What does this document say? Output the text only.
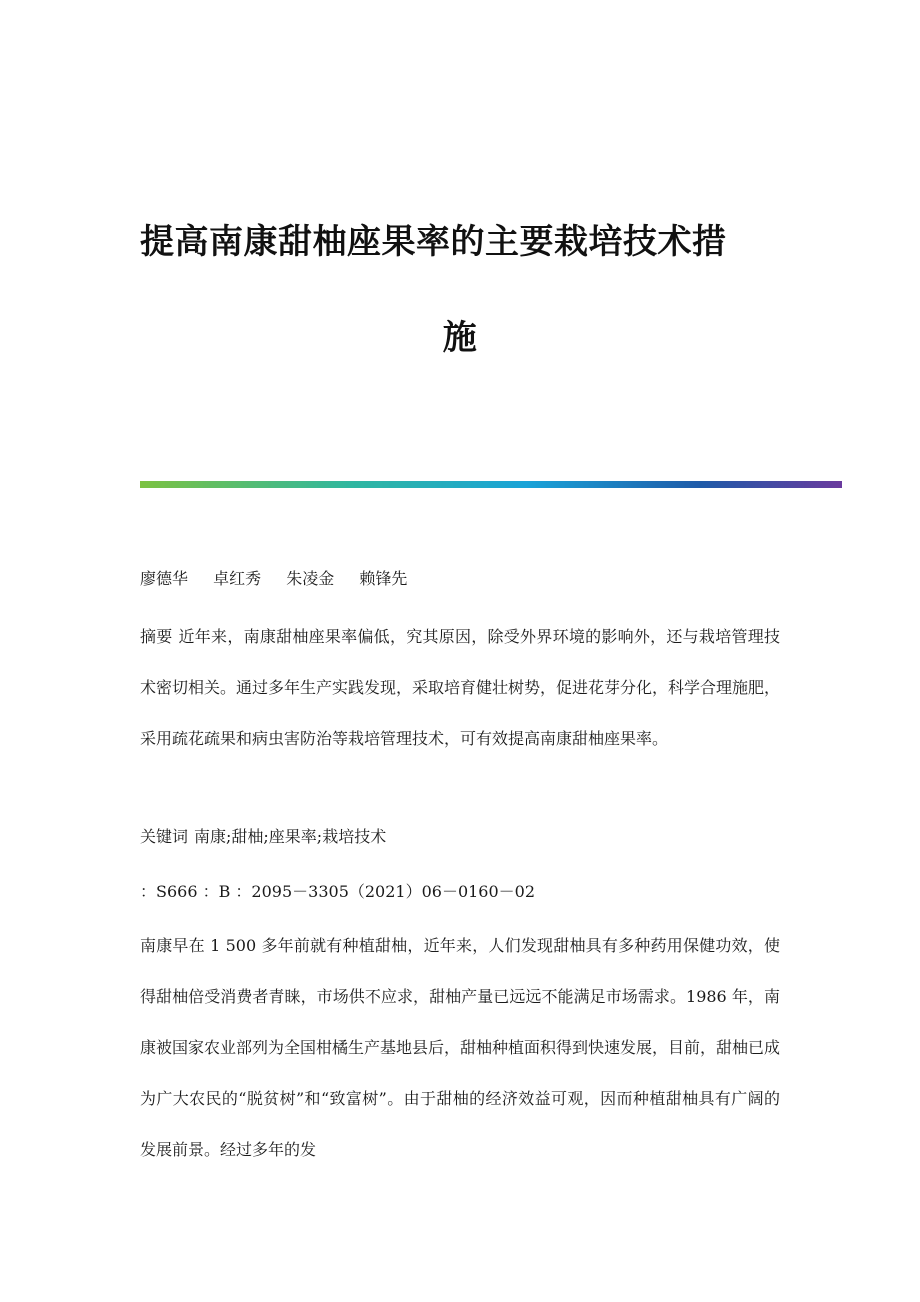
提高南康甜柚座果率的主要栽培技术措
施
廖德华 卓红秀 朱凌金 赖锋先
摘要 近年来，南康甜柚座果率偏低，究其原因，除受外界环境的影响外，还与栽培管理技术密切相关。通过多年生产实践发现，采取培育健壮树势，促进花芽分化，科学合理施肥，采用疏花疏果和病虫害防治等栽培管理技术，可有效提高南康甜柚座果率。
关键词 南康;甜柚;座果率;栽培技术
：S666 ：B ：2095－3305（2021）06－0160－02
南康早在 1 500 多年前就有种植甜柚，近年来，人们发现甜柚具有多种药用保健功效，使得甜柚倍受消费者青睐，市场供不应求，甜柚产量已远远不能满足市场需求。1986 年，南康被国家农业部列为全国柑橘生产基地县后，甜柚种植面积得到快速发展，目前，甜柚已成为广大农民的“脱贫树”和“致富树”。由于甜柚的经济效益可观，因而种植甜柚具有广阔的发展前景。经过多年的发
